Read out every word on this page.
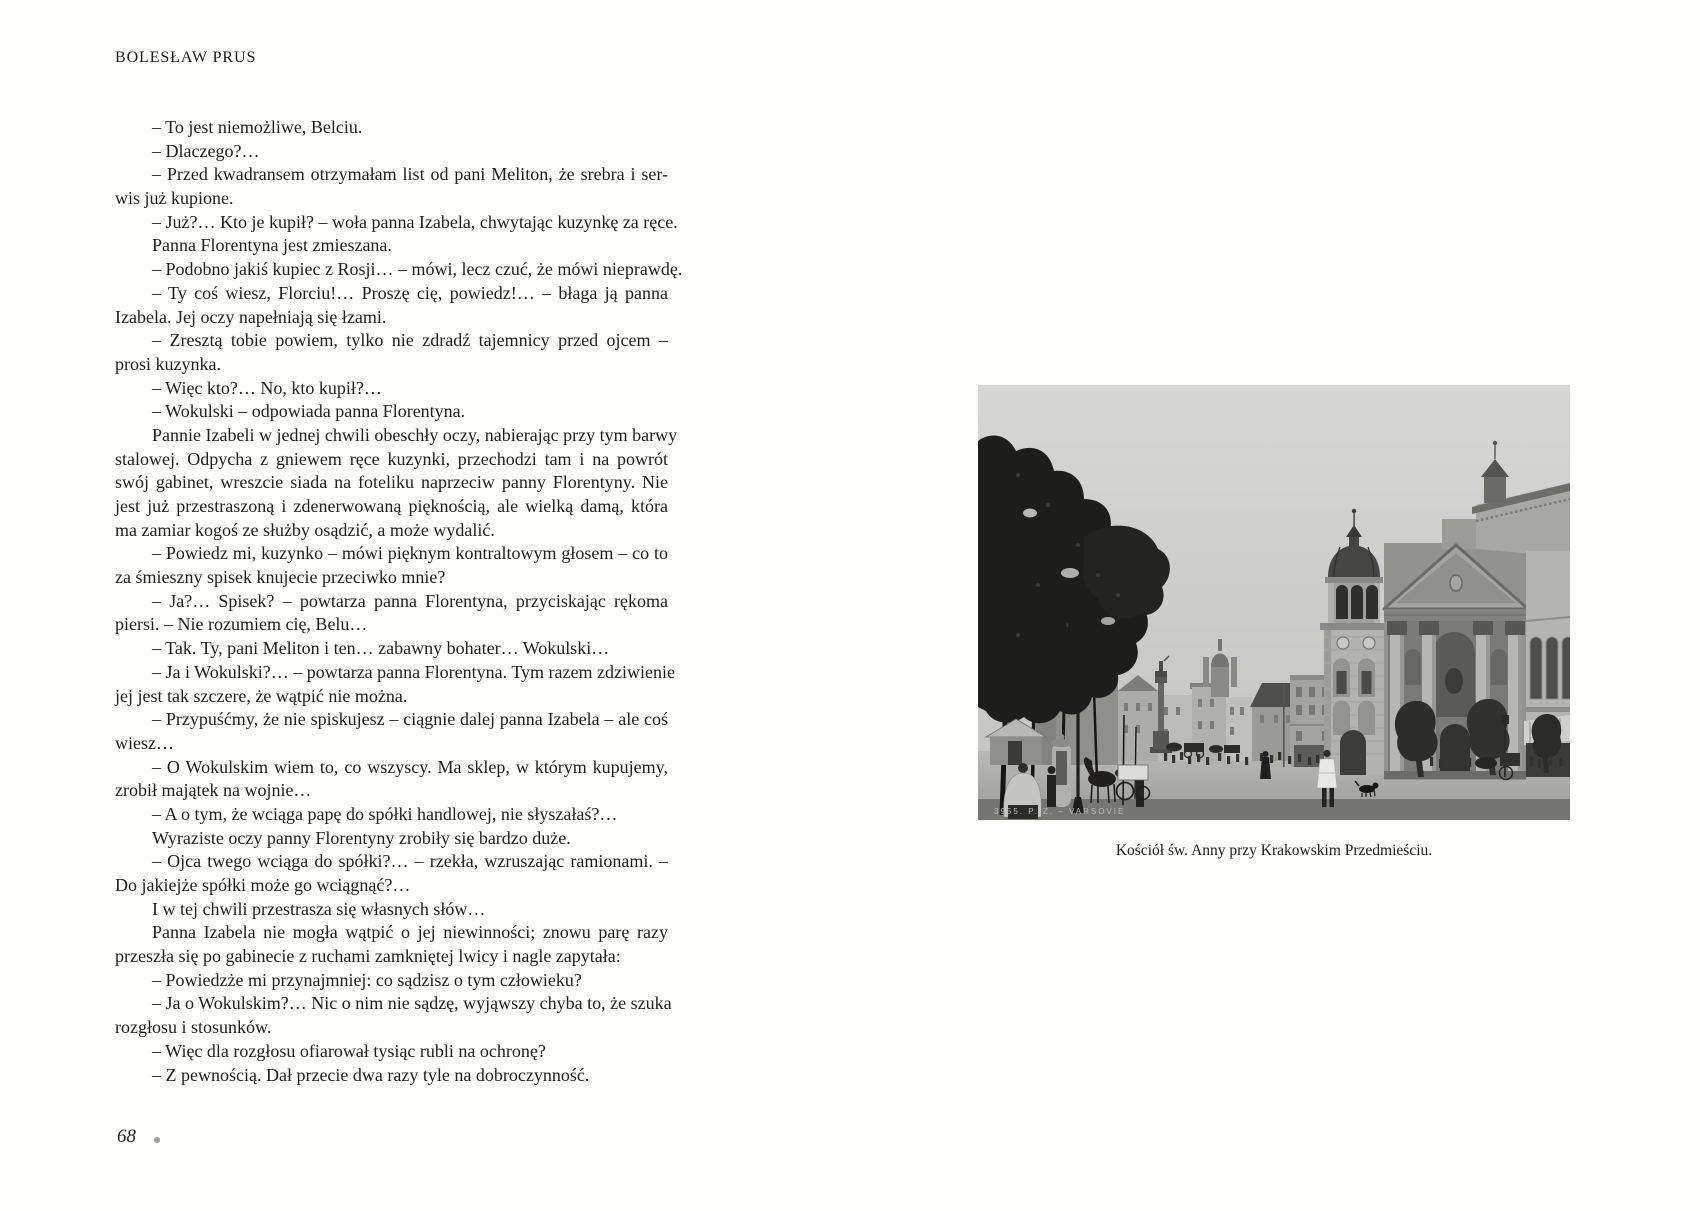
BOLESŁAW PRUS
– To jest niemożliwe, Belciu.
– Dlaczego?…
– Przed kwadransem otrzymałam list od pani Meliton, że srebra i ser-
wis już kupione.
– Już?… Kto je kupił? – woła panna Izabela, chwytając kuzynkę za ręce.
Panna Florentyna jest zmieszana.
– Podobno jakiś kupiec z Rosji… – mówi, lecz czuć, że mówi nieprawdę.
– Ty coś wiesz, Florciu!… Proszę cię, powiedz!… – błaga ją panna
Izabela. Jej oczy napełniają się łzami.
– Zresztą tobie powiem, tylko nie zdradź tajemnicy przed ojcem –
prosi kuzynka.
– Więc kto?… No, kto kupił?…
– Wokulski – odpowiada panna Florentyna.
Pannie Izabeli w jednej chwili obeschły oczy, nabierając przy tym barwy
stalowej. Odpycha z gniewem ręce kuzynki, przechodzi tam i na powrót
swój gabinet, wreszcie siada na foteliku naprzeciw panny Florentyny. Nie
jest już przestraszoną i zdenerwowaną pięknością, ale wielką damą, która
ma zamiar kogoś ze służby osądzić, a może wydalić.
– Powiedz mi, kuzynko – mówi pięknym kontraltowym głosem – co to
za śmieszny spisek knujecie przeciwko mnie?
– Ja?… Spisek? – powtarza panna Florentyna, przyciskając rękoma
piersi. – Nie rozumiem cię, Belu…
– Tak. Ty, pani Meliton i ten… zabawny bohater… Wokulski…
– Ja i Wokulski?… – powtarza panna Florentyna. Tym razem zdziwienie
jej jest tak szczere, że wątpić nie można.
– Przypuśćmy, że nie spiskujesz – ciągnie dalej panna Izabela – ale coś
wiesz…
– O Wokulskim wiem to, co wszyscy. Ma sklep, w którym kupujemy,
zrobił majątek na wojnie…
– A o tym, że wciąga papę do spółki handlowej, nie słyszałaś?…
Wyraziste oczy panny Florentyny zrobiły się bardzo duże.
– Ojca twego wciąga do spółki?… – rzekła, wzruszając ramionami. –
Do jakiejże spółki może go wciągnąć?…
I w tej chwili przestrasza się własnych słów…
Panna Izabela nie mogła wątpić o jej niewinności; znowu parę razy
przeszła się po gabinecie z ruchami zamkniętej lwicy i nagle zapytała:
– Powiedzże mi przynajmniej: co sądzisz o tym człowieku?
– Ja o Wokulskim?… Nic o nim nie sądzę, wyjąwszy chyba to, że szuka
rozgłosu i stosunków.
– Więc dla rozgłosu ofiarował tysiąc rubli na ochronę?
– Z pewnością. Dał przecie dwa razy tyle na dobroczynność.
3955. P. Z. – VARSOVIE
Kościół św. Anny przy Krakowskim Przedmieściu.
68
